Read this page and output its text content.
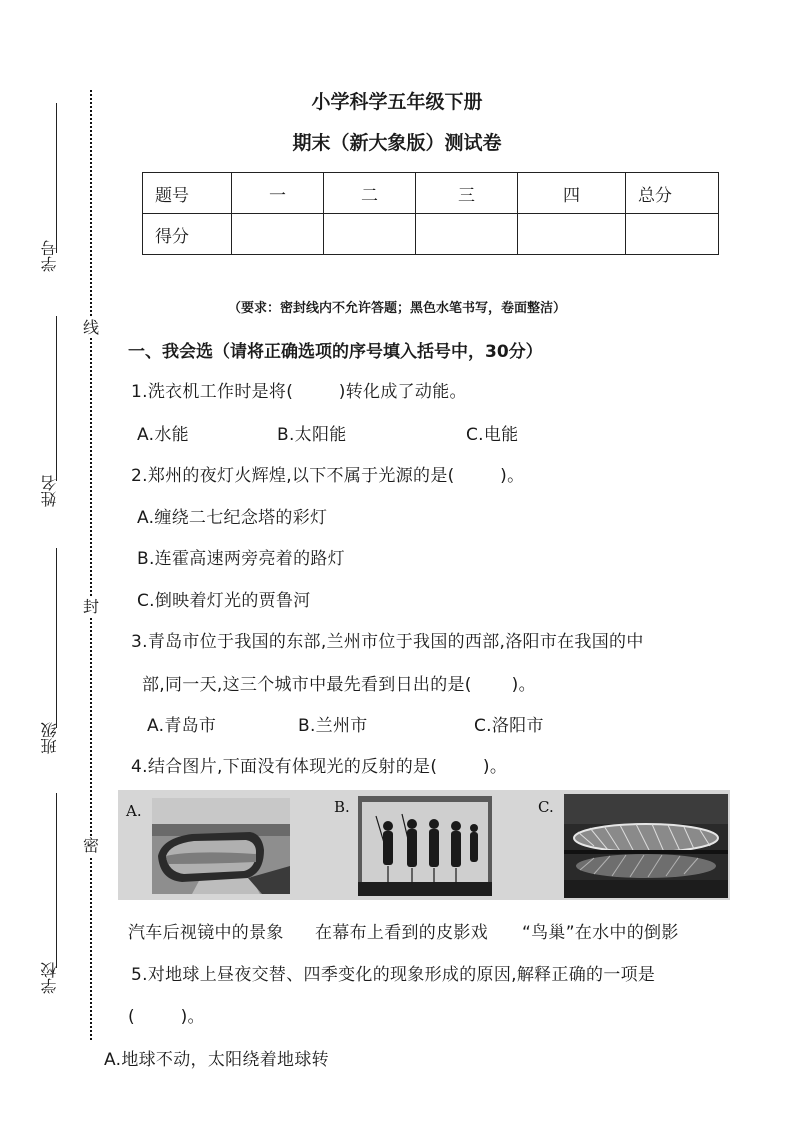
学号
姓名
班级
学校
线
封
密
小学科学五年级下册
期末（新大象版）测试卷
题号	一	二	三	四	总分
得分					
（要求：密封线内不允许答题；黑色水笔书写，卷面整洁）
一、我会选（请将正确选项的序号填入括号中，30分）
1.洗衣机工作时是将(        )转化成了动能。
A.水能	B.太阳能	C.电能
2.郑州的夜灯火辉煌,以下不属于光源的是(        )。
A.缠绕二七纪念塔的彩灯
B.连霍高速两旁亮着的路灯
C.倒映着灯光的贾鲁河
3.青岛市位于我国的东部,兰州市位于我国的西部,洛阳市在我国的中
部,同一天,这三个城市中最先看到日出的是(       )。
A.青岛市	B.兰州市	C.洛阳市
4.结合图片,下面没有体现光的反射的是(        )。
A.	B.	C.
汽车后视镜中的景象 在幕布上看到的皮影戏 “鸟巢”在水中的倒影
5.对地球上昼夜交替、四季变化的现象形成的原因,解释正确的一项是
(        )。
A.地球不动，太阳绕着地球转
